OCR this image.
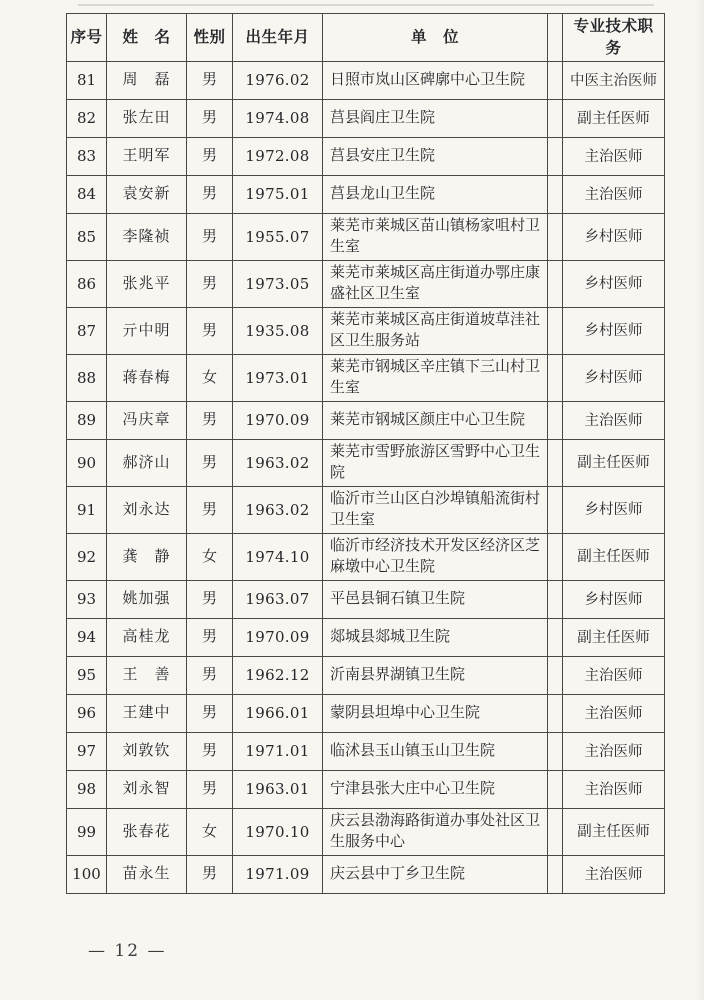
序号	姓　名	性别	出生年月	单　位		专业技术职务
81	周　磊	男	1976.02	日照市岚山区碑廓中心卫生院		中医主治医师
82	张左田	男	1974.08	莒县阎庄卫生院		副主任医师
83	王明军	男	1972.08	莒县安庄卫生院		主治医师
84	袁安新	男	1975.01	莒县龙山卫生院		主治医师
85	李隆祯	男	1955.07	莱芜市莱城区苗山镇杨家咀村卫生室		乡村医师
86	张兆平	男	1973.05	莱芜市莱城区高庄街道办鄂庄康盛社区卫生室		乡村医师
87	亓中明	男	1935.08	莱芜市莱城区高庄街道坡草洼社区卫生服务站		乡村医师
88	蒋春梅	女	1973.01	莱芜市钢城区辛庄镇下三山村卫生室		乡村医师
89	冯庆章	男	1970.09	莱芜市钢城区颜庄中心卫生院		主治医师
90	郝济山	男	1963.02	莱芜市雪野旅游区雪野中心卫生院		副主任医师
91	刘永达	男	1963.02	临沂市兰山区白沙埠镇船流街村卫生室		乡村医师
92	龚　静	女	1974.10	临沂市经济技术开发区经济区芝麻墩中心卫生院		副主任医师
93	姚加强	男	1963.07	平邑县铜石镇卫生院		乡村医师
94	高桂龙	男	1970.09	郯城县郯城卫生院		副主任医师
95	王　善	男	1962.12	沂南县界湖镇卫生院		主治医师
96	王建中	男	1966.01	蒙阴县坦埠中心卫生院		主治医师
97	刘敦钦	男	1971.01	临沭县玉山镇玉山卫生院		主治医师
98	刘永智	男	1963.01	宁津县张大庄中心卫生院		主治医师
99	张春花	女	1970.10	庆云县渤海路街道办事处社区卫生服务中心		副主任医师
100	苗永生	男	1971.09	庆云县中丁乡卫生院		主治医师
— 12 —
